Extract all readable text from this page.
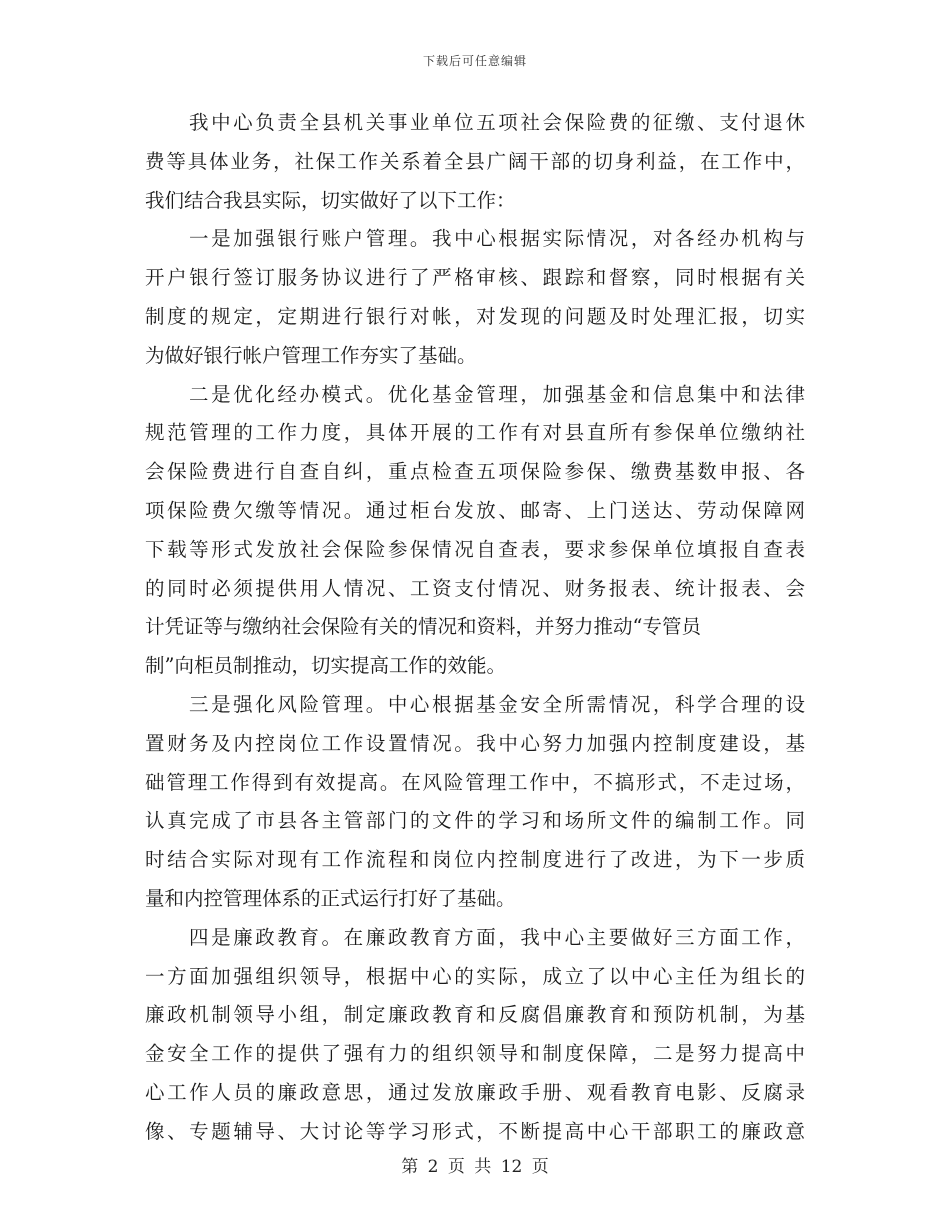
下载后可任意编辑
我中心负责全县机关事业单位五项社会保险费的征缴、支付退休
费等具体业务，社保工作关系着全县广阔干部的切身利益，在工作中，
我们结合我县实际，切实做好了以下工作：
一是加强银行账户管理。我中心根据实际情况，对各经办机构与
开户银行签订服务协议进行了严格审核、跟踪和督察，同时根据有关
制度的规定，定期进行银行对帐，对发现的问题及时处理汇报，切实
为做好银行帐户管理工作夯实了基础。
二是优化经办模式。优化基金管理，加强基金和信息集中和法律
规范管理的工作力度，具体开展的工作有对县直所有参保单位缴纳社
会保险费进行自查自纠，重点检查五项保险参保、缴费基数申报、各
项保险费欠缴等情况。通过柜台发放、邮寄、上门送达、劳动保障网
下载等形式发放社会保险参保情况自查表，要求参保单位填报自查表
的同时必须提供用人情况、工资支付情况、财务报表、统计报表、会
计凭证等与缴纳社会保险有关的情况和资料，并努力推动“专管员
制”向柜员制推动，切实提高工作的效能。
三是强化风险管理。中心根据基金安全所需情况，科学合理的设
置财务及内控岗位工作设置情况。我中心努力加强内控制度建设，基
础管理工作得到有效提高。在风险管理工作中，不搞形式，不走过场，
认真完成了市县各主管部门的文件的学习和场所文件的编制工作。同
时结合实际对现有工作流程和岗位内控制度进行了改进，为下一步质
量和内控管理体系的正式运行打好了基础。
四是廉政教育。在廉政教育方面，我中心主要做好三方面工作，
一方面加强组织领导，根据中心的实际，成立了以中心主任为组长的
廉政机制领导小组，制定廉政教育和反腐倡廉教育和预防机制，为基
金安全工作的提供了强有力的组织领导和制度保障，二是努力提高中
心工作人员的廉政意思，通过发放廉政手册、观看教育电影、反腐录
像、专题辅导、大讨论等学习形式，不断提高中心干部职工的廉政意
第 2 页 共 12 页
